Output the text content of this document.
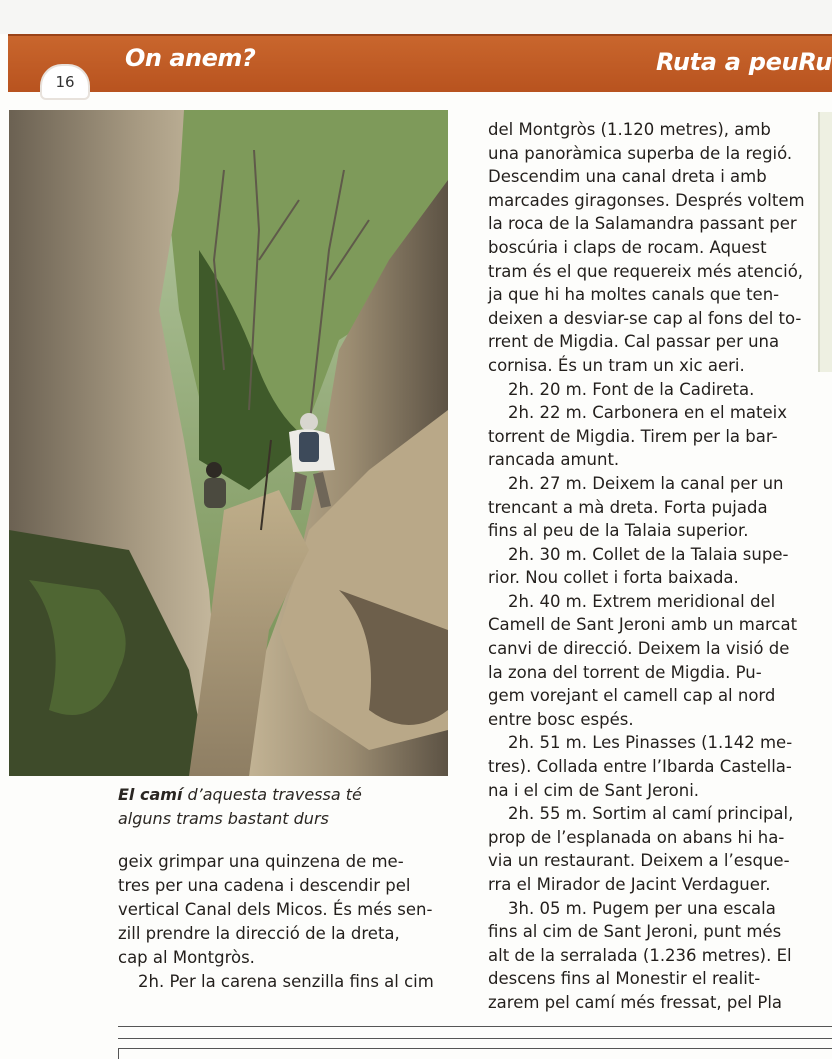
On anem?	Ruta a peuRu
16
El camí d’aquesta travessa té
alguns trams bastant durs

geix grimpar una quinzena de me-

tres per una cadena i descendir pel

vertical Canal dels Micos. És més sen-

zill prendre la direcció de la dreta,

cap al Montgròs.

2h. Per la carena senzilla fins al cim

del Montgròs (1.120 metres), amb

una panoràmica superba de la regió.

Descendim una canal dreta i amb

marcades giragonses. Després voltem

la roca de la Salamandra passant per

boscúria i claps de rocam. Aquest

tram és el que requereix més atenció,

ja que hi ha moltes canals que ten-

deixen a desviar-se cap al fons del to-

rrent de Migdia. Cal passar per una

cornisa. És un tram un xic aeri.

2h. 20 m. Font de la Cadireta.

2h. 22 m. Carbonera en el mateix

torrent de Migdia. Tirem per la bar-

rancada amunt.

2h. 27 m. Deixem la canal per un

trencant a mà dreta. Forta pujada

fins al peu de la Talaia superior.

2h. 30 m. Collet de la Talaia supe-

rior. Nou collet i forta baixada.

2h. 40 m. Extrem meridional del

Camell de Sant Jeroni amb un marcat

canvi de direcció. Deixem la visió de

la zona del torrent de Migdia. Pu-

gem vorejant el camell cap al nord

entre bosc espés.

2h. 51 m. Les Pinasses (1.142 me-

tres). Collada entre l’Ibarda Castella-

na i el cim de Sant Jeroni.

2h. 55 m. Sortim al camí principal,

prop de l’esplanada on abans hi ha-

via un restaurant. Deixem a l’esque-

rra el Mirador de Jacint Verdaguer.

3h. 05 m. Pugem per una escala

fins al cim de Sant Jeroni, punt més

alt de la serralada (1.236 metres). El

descens fins al Monestir el realit-

zarem pel camí més fressat, pel Pla
